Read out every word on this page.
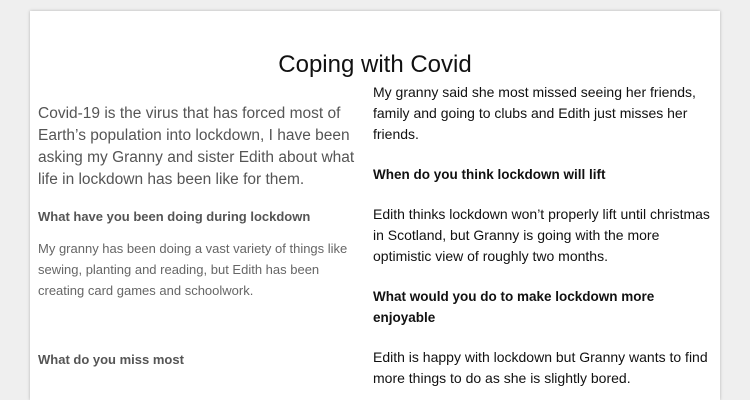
Coping with Covid

Covid-19 is the virus that has forced most of Earth’s population into lockdown, I have been asking my Granny and sister Edith about what life in lockdown has been like for them.

What have you been doing during lockdown

My granny has been doing a vast variety of things like sewing, planting and reading, but Edith has been creating card games and schoolwork.

What do you miss most

My granny said she most missed seeing her friends, family and going to clubs and Edith just misses her friends.

When do you think lockdown will lift

Edith thinks lockdown won’t properly lift until christmas in Scotland, but Granny is going with the more optimistic view of roughly two months.

What would you do to make lockdown more enjoyable

Edith is happy with lockdown but Granny wants to find more things to do as she is slightly bored.
